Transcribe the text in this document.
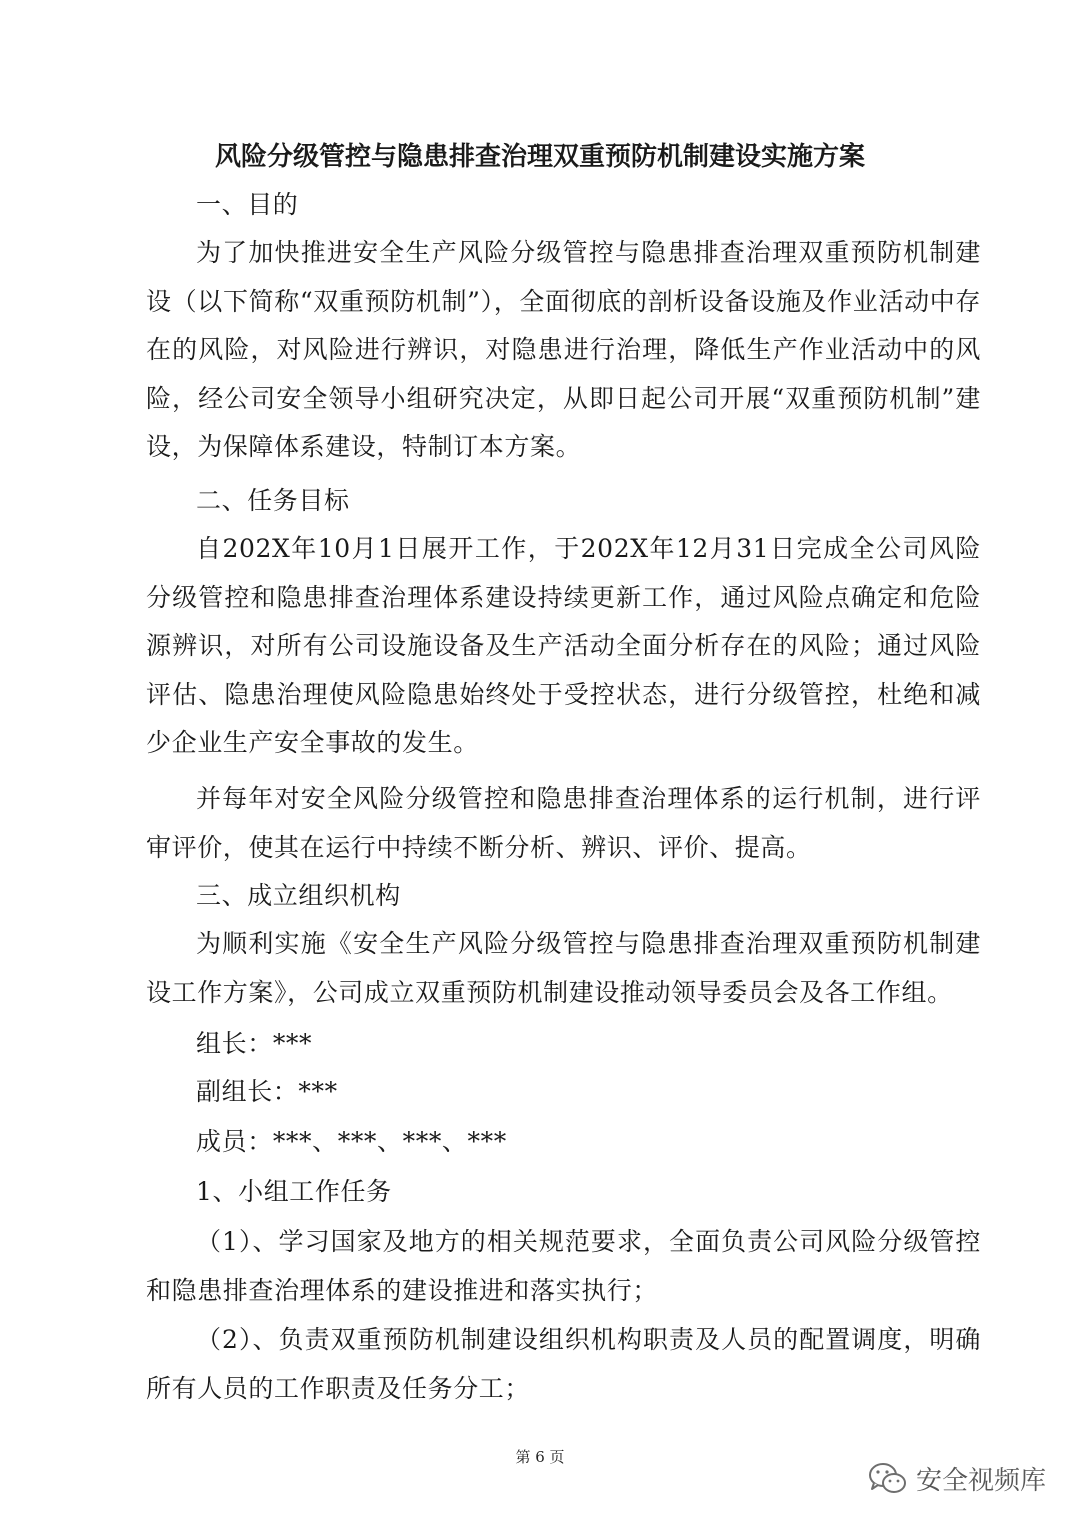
风险分级管控与隐患排查治理双重预防机制建设实施方案

一、目的

为了加快推进安全生产风险分级管控与隐患排查治理双重预防机制建设（以下简称“双重预防机制”），全面彻底的剖析设备设施及作业活动中存在的风险，对风险进行辨识，对隐患进行治理，降低生产作业活动中的风险，经公司安全领导小组研究决定，从即日起公司开展“双重预防机制”建设，为保障体系建设，特制订本方案。

二、任务目标

自202X年10月1日展开工作，于202X年12月31日完成全公司风险分级管控和隐患排查治理体系建设持续更新工作，通过风险点确定和危险源辨识，对所有公司设施设备及生产活动全面分析存在的风险；通过风险评估、隐患治理使风险隐患始终处于受控状态，进行分级管控，杜绝和减少企业生产安全事故的发生。

并每年对安全风险分级管控和隐患排查治理体系的运行机制，进行评审评价，使其在运行中持续不断分析、辨识、评价、提高。

三、成立组织机构

为顺利实施《安全生产风险分级管控与隐患排查治理双重预防机制建设工作方案》，公司成立双重预防机制建设推动领导委员会及各工作组。

组长：***

副组长：***

成员：***、***、***、***

1、小组工作任务

（1）、学习国家及地方的相关规范要求，全面负责公司风险分级管控和隐患排查治理体系的建设推进和落实执行；

（2）、负责双重预防机制建设组织机构职责及人员的配置调度，明确所有人员的工作职责及任务分工；

第 6 页
安全视频库
